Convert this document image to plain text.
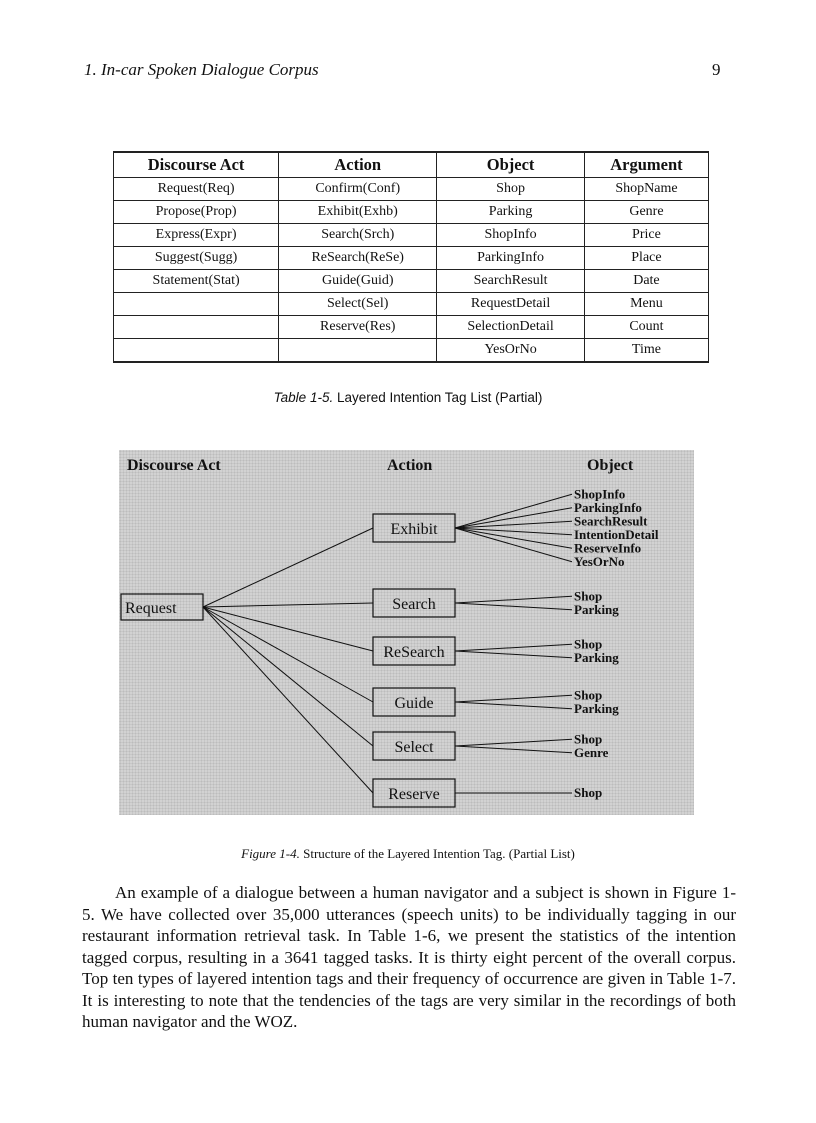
1. In-car Spoken Dialogue Corpus	9
Discourse Act	Action	Object	Argument
Request(Req)	Confirm(Conf)	Shop	ShopName
Propose(Prop)	Exhibit(Exhb)	Parking	Genre
Express(Expr)	Search(Srch)	ShopInfo	Price
Suggest(Sugg)	ReSearch(ReSe)	ParkingInfo	Place
Statement(Stat)	Guide(Guid)	SearchResult	Date
	Select(Sel)	RequestDetail	Menu
	Reserve(Res)	SelectionDetail	Count
		YesOrNo	Time
Table 1-5. Layered Intention Tag List (Partial)
Discourse Act	Action	Object
Request
Exhibit
ShopInfo
ParkingInfo
SearchResult
IntentionDetail
ReserveInfo
YesOrNo
Search
Shop
Parking
ReSearch
Shop
Parking
Guide
Shop
Parking
Select
Shop
Genre
Reserve	Shop
Figure 1-4. Structure of the Layered Intention Tag. (Partial List)

An example of a dialogue between a human navigator and a subject is shown in Figure 1-5. We have collected over 35,000 utterances (speech units) to be individually tagging in our restaurant information retrieval task. In Table 1-6, we present the statistics of the intention tagged corpus, resulting in a 3641 tagged tasks. It is thirty eight percent of the overall corpus. Top ten types of layered intention tags and their frequency of occurrence are given in Table 1-7. It is interesting to note that the tendencies of the tags are very similar in the recordings of both human navigator and the WOZ.
